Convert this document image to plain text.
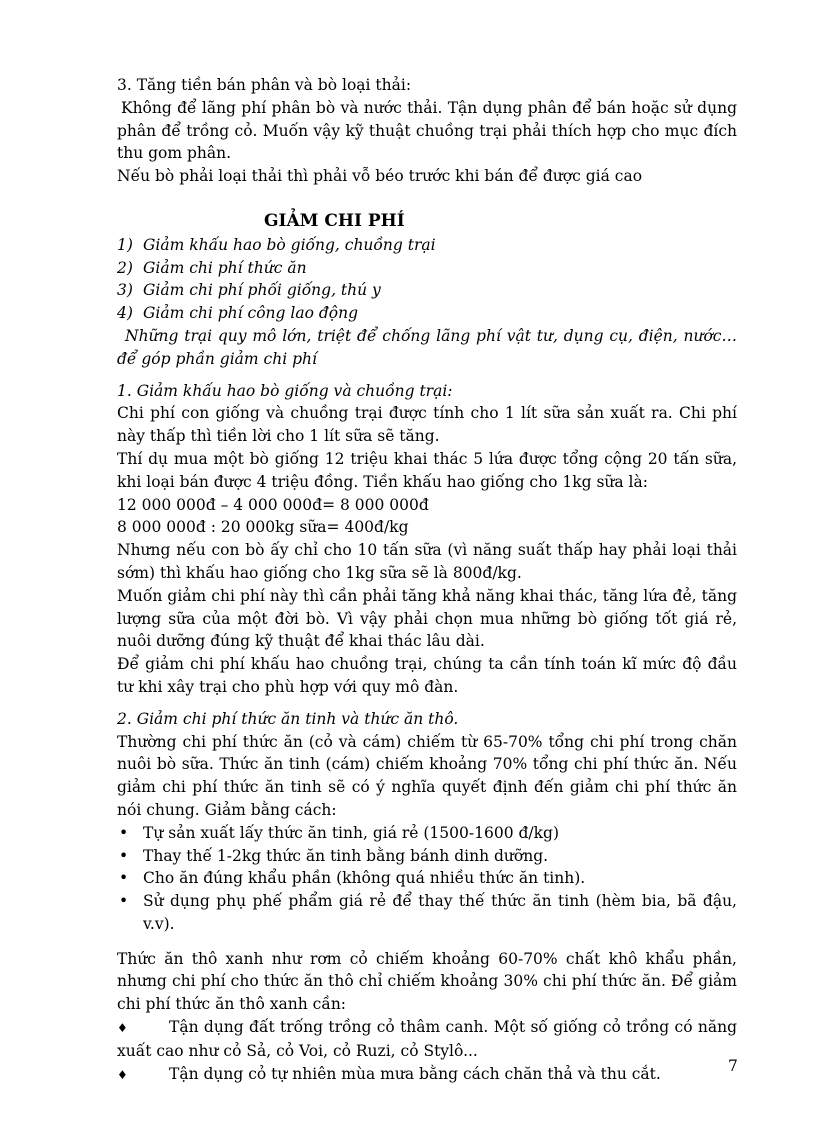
3. Tăng tiền bán phân và bò loại thải:

Không để lãng phí phân bò và nước thải. Tận dụng phân để bán hoặc sử dụng phân để trồng cỏ. Muốn vậy kỹ thuật chuồng trại phải thích hợp cho mục đích thu gom phân.

Nếu bò phải loại thải thì phải vỗ béo trước khi bán để được giá cao

GIẢM CHI PHÍ

1) Giảm khấu hao bò giống, chuồng trại

2) Giảm chi phí thức ăn

3) Giảm chi phí phối giống, thú y

4) Giảm chi phí công lao động

Những trại quy mô lớn, triệt để chống lãng phí vật tư, dụng cụ, điện, nước… để góp phần giảm chi phí

1. Giảm khấu hao bò giống và chuồng trại:

Chi phí con giống và chuồng trại được tính cho 1 lít sữa sản xuất ra. Chi phí này thấp thì tiền lời cho 1 lít sữa sẽ tăng.

Thí dụ mua một bò giống 12 triệu khai thác 5 lứa được tổng cộng 20 tấn sữa, khi loại bán được 4 triệu đồng. Tiền khấu hao giống cho 1kg sữa là:

12 000 000đ – 4 000 000đ= 8 000 000đ

8 000 000đ : 20 000kg sữa= 400đ/kg

Nhưng nếu con bò ấy chỉ cho 10 tấn sữa (vì năng suất thấp hay phải loại thải sớm) thì khấu hao giống cho 1kg sữa sẽ là 800đ/kg.

Muốn giảm chi phí này thì cần phải tăng khả năng khai thác, tăng lứa đẻ, tăng lượng sữa của một đời bò. Vì vậy phải chọn mua những bò giống tốt giá rẻ, nuôi dưỡng đúng kỹ thuật để khai thác lâu dài.

Để giảm chi phí khấu hao chuồng trại, chúng ta cần tính toán kĩ mức độ đầu tư khi xây trại cho phù hợp với quy mô đàn.

2. Giảm chi phí thức ăn tinh và thức ăn thô.

Thường chi phí thức ăn (cỏ và cám) chiếm từ 65-70% tổng chi phí trong chăn nuôi bò sữa. Thức ăn tinh (cám) chiếm khoảng 70% tổng chi phí thức ăn. Nếu giảm chi phí thức ăn tinh sẽ có ý nghĩa quyết định đến giảm chi phí thức ăn nói chung. Giảm bằng cách:

• Tự sản xuất lấy thức ăn tinh, giá rẻ (1500-1600 đ/kg)
• Thay thế 1-2kg thức ăn tinh bằng bánh dinh dưỡng.
• Cho ăn đúng khẩu phần (không quá nhiều thức ăn tinh).
• Sử dụng phụ phế phẩm giá rẻ để thay thế thức ăn tinh (hèm bia, bã đậu, v.v).

Thức ăn thô xanh như rơm cỏ chiếm khoảng 60-70% chất khô khẩu phần, nhưng chi phí cho thức ăn thô chỉ chiếm khoảng 30% chi phí thức ăn. Để giảm chi phí thức ăn thô xanh cần:

♦	Tận dụng đất trống trồng cỏ thâm canh. Một số giống cỏ trồng có năng xuất cao như cỏ Sả, cỏ Voi, cỏ Ruzi, cỏ Stylô...

♦	Tận dụng cỏ tự nhiên mùa mưa bằng cách chăn thả và thu cắt.	7
